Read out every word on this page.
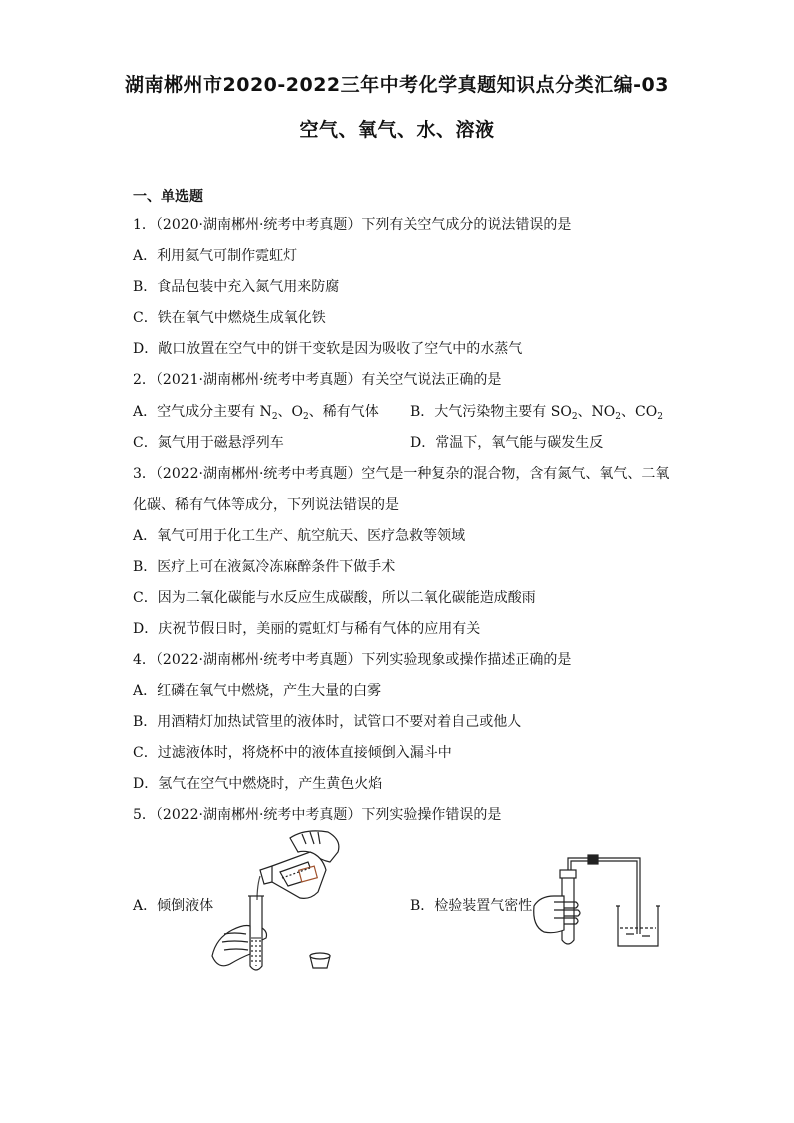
湖南郴州市2020-2022三年中考化学真题知识点分类汇编-03
空气、氧气、水、溶液
一、单选题
1．（2020·湖南郴州·统考中考真题）下列有关空气成分的说法错误的是
A．利用氦气可制作霓虹灯
B．食品包装中充入氮气用来防腐
C．铁在氧气中燃烧生成氧化铁
D．敞口放置在空气中的饼干变软是因为吸收了空气中的水蒸气
2．（2021·湖南郴州·统考中考真题）有关空气说法正确的是
A．空气成分主要有 $N_2$、$O_2$、稀有气体 B．大气污染物主要有 $SO_2$、$NO_2$、$CO_2$
C．氮气用于磁悬浮列车	D．常温下，氧气能与碳发生反
3．（2022·湖南郴州·统考中考真题）空气是一种复杂的混合物，含有氮气、氧气、二氧
化碳、稀有气体等成分，下列说法错误的是
A．氧气可用于化工生产、航空航天、医疗急救等领域
B．医疗上可在液氮冷冻麻醉条件下做手术
C．因为二氧化碳能与水反应生成碳酸，所以二氧化碳能造成酸雨
D．庆祝节假日时，美丽的霓虹灯与稀有气体的应用有关
4．（2022·湖南郴州·统考中考真题）下列实验现象或操作描述正确的是
A．红磷在氧气中燃烧，产生大量的白雾
B．用酒精灯加热试管里的液体时，试管口不要对着自己或他人
C．过滤液体时，将烧杯中的液体直接倾倒入漏斗中
D．氢气在空气中燃烧时，产生黄色火焰
5．（2022·湖南郴州·统考中考真题）下列实验操作错误的是
A．倾倒液体	B．检验装置气密性
